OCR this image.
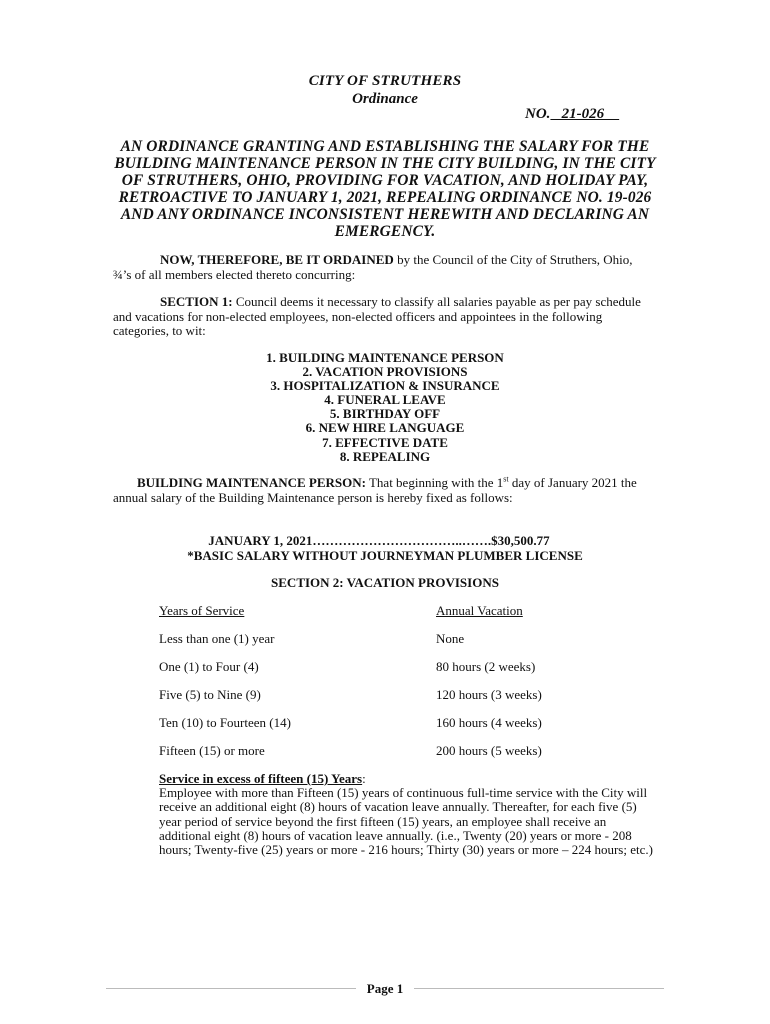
CITY OF STRUTHERS
Ordinance
NO.   21-026

AN ORDINANCE GRANTING AND ESTABLISHING THE SALARY FOR THE BUILDING MAINTENANCE PERSON IN THE CITY BUILDING, IN THE CITY OF STRUTHERS, OHIO, PROVIDING FOR VACATION, AND HOLIDAY PAY, RETROACTIVE TO JANUARY 1, 2021, REPEALING ORDINANCE NO. 19-026 AND ANY ORDINANCE INCONSISTENT HEREWITH AND DECLARING AN EMERGENCY.

NOW, THEREFORE, BE IT ORDAINED by the Council of the City of Struthers, Ohio, ¾’s of all members elected thereto concurring:

SECTION 1: Council deems it necessary to classify all salaries payable as per pay schedule and vacations for non-elected employees, non-elected officers and appointees in the following categories, to wit:

1. BUILDING MAINTENANCE PERSON
2. VACATION PROVISIONS
3. HOSPITALIZATION & INSURANCE
4. FUNERAL LEAVE
5. BIRTHDAY OFF
6. NEW HIRE LANGUAGE
7. EFFECTIVE DATE
8. REPEALING

BUILDING MAINTENANCE PERSON: That beginning with the 1st day of January 2021 the annual salary of the Building Maintenance person is hereby fixed as follows:

JANUARY 1, 2021……………………………..…….$30,500.77
*BASIC SALARY WITHOUT JOURNEYMAN PLUMBER LICENSE
SECTION 2: VACATION PROVISIONS
Years of Service	Annual Vacation
Less than one (1) year	None
One (1) to Four (4)	80 hours (2 weeks)
Five (5) to Nine (9)	120 hours (3 weeks)
Ten (10) to Fourteen (14)	160 hours (4 weeks)
Fifteen (15) or more	200 hours (5 weeks)

Service in excess of fifteen (15) Years:
Employee with more than Fifteen (15) years of continuous full-time service with the City will receive an additional eight (8) hours of vacation leave annually. Thereafter, for each five (5) year period of service beyond the first fifteen (15) years, an employee shall receive an additional eight (8) hours of vacation leave annually. (i.e., Twenty (20) years or more - 208 hours; Twenty-five (25) years or more - 216 hours; Thirty (30) years or more – 224 hours; etc.)

Page 1
